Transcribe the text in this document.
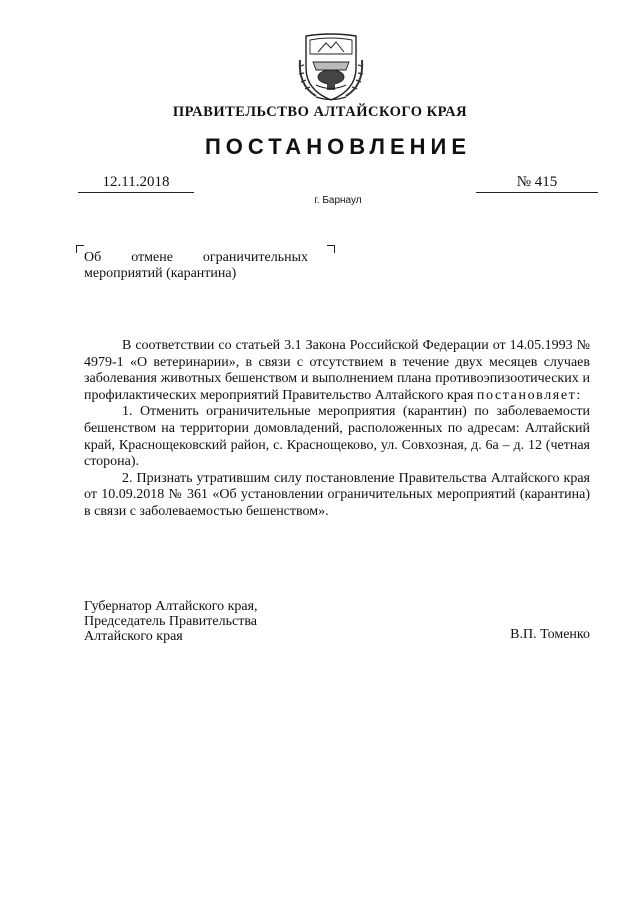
ПРАВИТЕЛЬСТВО АЛТАЙСКОГО КРАЯ
ПОСТАНОВЛЕНИЕ
12.11.2018	№ 415
г. Барнаул
Об отмене ограничительных
мероприятий (карантина)

В соответствии со статьей 3.1 Закона Российской Федерации от 14.05.1993 № 4979-1 «О ветеринарии», в связи с отсутствием в течение двух месяцев случаев заболевания животных бешенством и выполнением плана противоэпизоотических и профилактических мероприятий Правительство Алтайского края постановляет:

1. Отменить ограничительные мероприятия (карантин) по заболеваемости бешенством на территории домовладений, расположенных по адресам: Алтайский край, Краснощековский район, с. Краснощеково, ул. Совхозная, д. 6а – д. 12 (четная сторона).

2. Признать утратившим силу постановление Правительства Алтайского края от 10.09.2018 № 361 «Об установлении ограничительных мероприятий (карантина) в связи с заболеваемостью бешенством».

Губернатор Алтайского края,
Председатель Правительства
Алтайского края	В.П. Томенко
